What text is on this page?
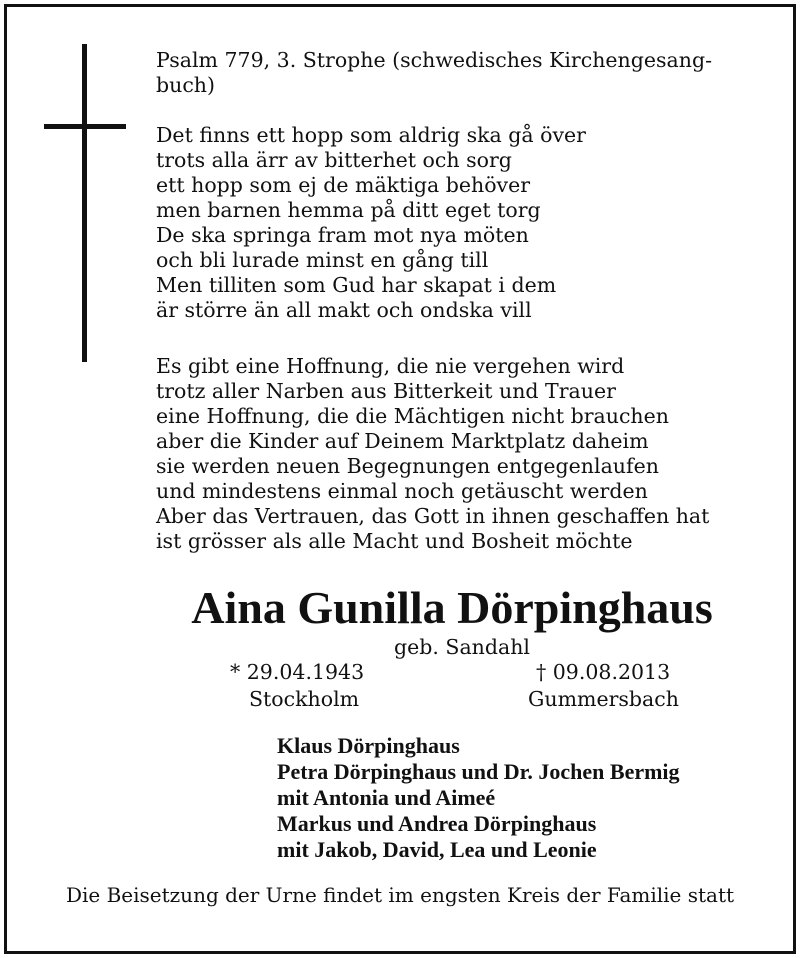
Psalm 779, 3. Strophe (schwedisches Kirchengesang-
buch)
Det finns ett hopp som aldrig ska gå över
trots alla ärr av bitterhet och sorg
ett hopp som ej de mäktiga behöver
men barnen hemma på ditt eget torg
De ska springa fram mot nya möten
och bli lurade minst en gång till
Men tilliten som Gud har skapat i dem
är större än all makt och ondska vill
Es gibt eine Hoffnung, die nie vergehen wird
trotz aller Narben aus Bitterkeit und Trauer
eine Hoffnung, die die Mächtigen nicht brauchen
aber die Kinder auf Deinem Marktplatz daheim
sie werden neuen Begegnungen entgegenlaufen
und mindestens einmal noch getäuscht werden
Aber das Vertrauen, das Gott in ihnen geschaffen hat
ist grösser als alle Macht und Bosheit möchte
Aina Gunilla Dörpinghaus
geb. Sandahl
* 29.04.1943	† 09.08.2013
Stockholm	Gummersbach
Klaus Dörpinghaus
Petra Dörpinghaus und Dr. Jochen Bermig
mit Antonia und Aimeé
Markus und Andrea Dörpinghaus
mit Jakob, David, Lea und Leonie
Die Beisetzung der Urne findet im engsten Kreis der Familie statt
